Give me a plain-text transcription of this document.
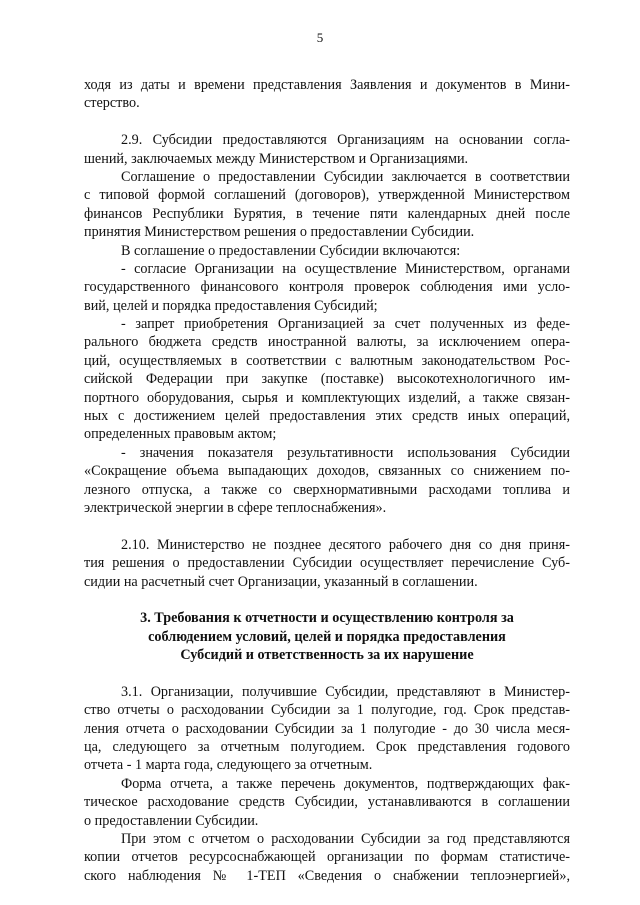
5
ходя из даты и времени представления Заявления и документов в Мини-
стерство.
2.9. Субсидии предоставляются Организациям на основании согла-
шений, заключаемых между Министерством и Организациями.
Соглашение о предоставлении Субсидии заключается в соответствии
с типовой формой соглашений (договоров), утвержденной Министерством
финансов Республики Бурятия, в течение пяти календарных дней после
принятия Министерством решения о предоставлении Субсидии.
В соглашение о предоставлении Субсидии включаются:
- согласие Организации на осуществление Министерством, органами
государственного финансового контроля проверок соблюдения ими усло-
вий, целей и порядка предоставления Субсидий;
- запрет приобретения Организацией за счет полученных из феде-
рального бюджета средств иностранной валюты, за исключением опера-
ций, осуществляемых в соответствии с валютным законодательством Рос-
сийской Федерации при закупке (поставке) высокотехнологичного им-
портного оборудования, сырья и комплектующих изделий, а также связан-
ных с достижением целей предоставления этих средств иных операций,
определенных правовым актом;
- значения показателя результативности использования Субсидии
«Сокращение объема выпадающих доходов, связанных со снижением по-
лезного отпуска, а также со сверхнормативными расходами топлива и
электрической энергии в сфере теплоснабжения».
2.10. Министерство не позднее десятого рабочего дня со дня приня-
тия решения о предоставлении Субсидии осуществляет перечисление Суб-
сидии на расчетный счет Организации, указанный в соглашении.
3. Требования к отчетности и осуществлению контроля за
соблюдением условий, целей и порядка предоставления
Субсидий и ответственность за их нарушение
3.1. Организации, получившие Субсидии, представляют в Министер-
ство отчеты о расходовании Субсидии за 1 полугодие, год. Срок представ-
ления отчета о расходовании Субсидии за 1 полугодие - до 30 числа меся-
ца, следующего за отчетным полугодием. Срок представления годового
отчета - 1 марта года, следующего за отчетным.
Форма отчета, а также перечень документов, подтверждающих фак-
тическое расходование средств Субсидии, устанавливаются в соглашении
о предоставлении Субсидии.
При этом с отчетом о расходовании Субсидии за год представляются
копии отчетов ресурсоснабжающей организации по формам статистиче-
ского наблюдения № 1-ТЕП «Сведения о снабжении теплоэнергией»,
